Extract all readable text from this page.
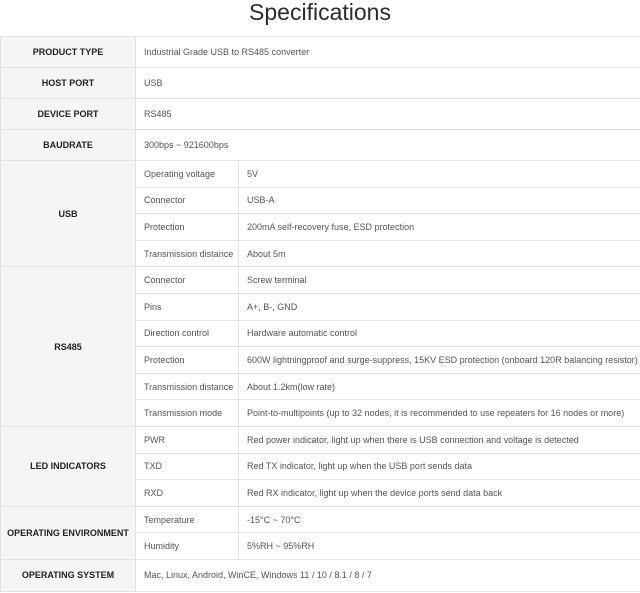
Specifications
PRODUCT TYPE	Industrial Grade USB to RS485 converter	
HOST PORT	USB	
DEVICE PORT	RS485	
BAUDRATE	300bps ~ 921600bps	
USB	Operating voltage	5V
	Connector	USB-A
	Protection	200mA self-recovery fuse, ESD protection
	Transmission distance	About 5m
RS485	Connector	Screw terminal
	Pins	A+, B-, GND
	Direction control	Hardware automatic control
	Protection	600W lightningproof and surge-suppress, 15KV ESD protection (onboard 120R balancing resistor)
	Transmission distance	About 1.2km(low rate)
	Transmission mode	Point-to-multipoints (up to 32 nodes, it is recommended to use repeaters for 16 nodes or more)
LED INDICATORS	PWR	Red power indicator, light up when there is USB connection and voltage is detected
	TXD	Red TX indicator, light up when the USB port sends data
	RXD	Red RX indicator, light up when the device ports send data back
OPERATING ENVIRONMENT	Temperature	-15°C ~ 70°C
	Humidity	5%RH ~ 95%RH
OPERATING SYSTEM	Mac, Linux, Android, WinCE, Windows 11 / 10 / 8.1 / 8 / 7	
